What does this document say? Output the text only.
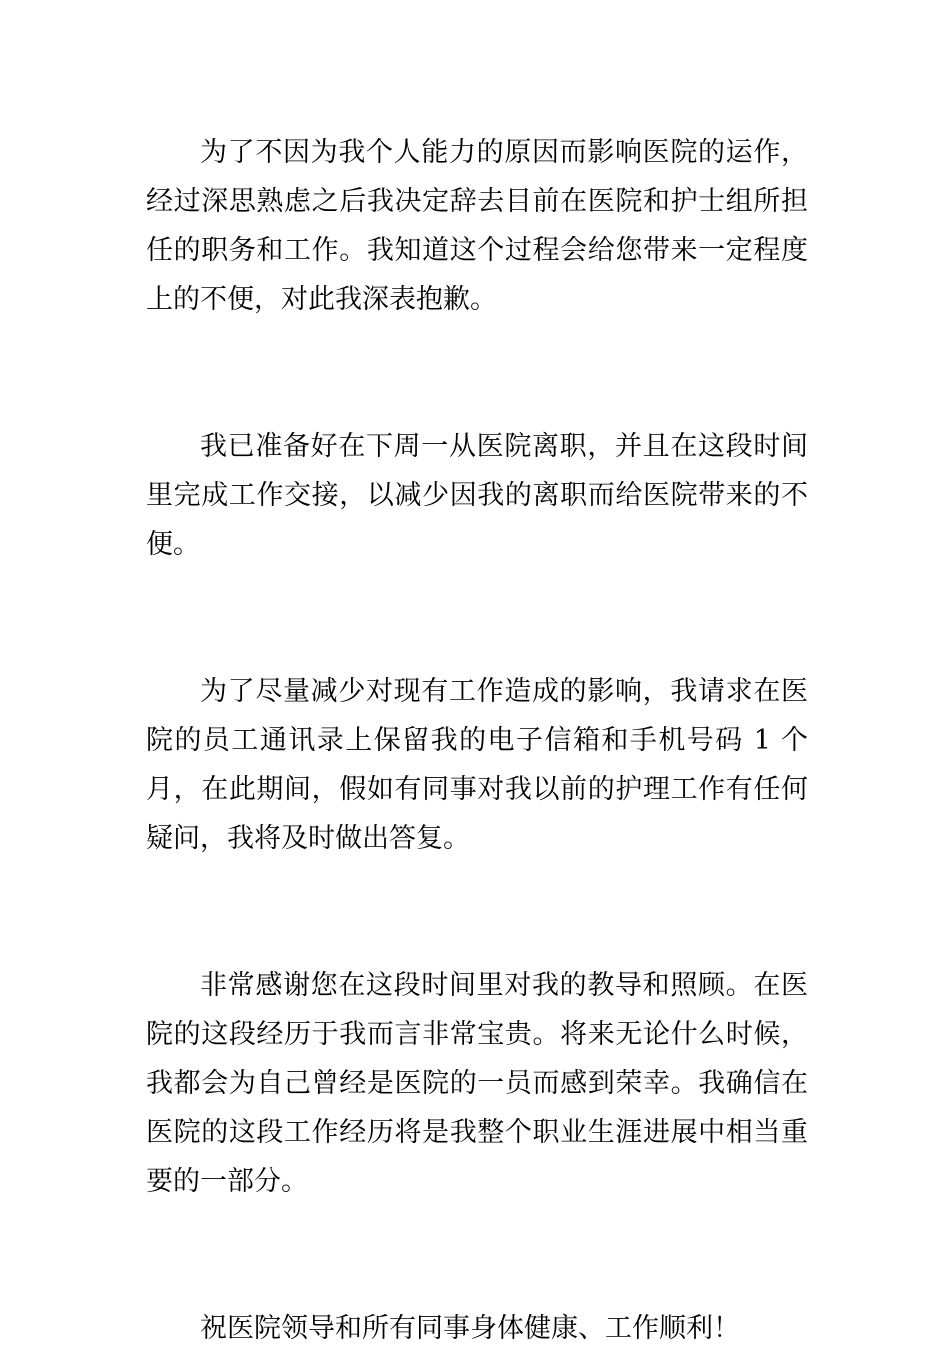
为了不因为我个人能力的原因而影响医院的运作，经过深思熟虑之后我决定辞去目前在医院和护士组所担任的职务和工作。我知道这个过程会给您带来一定程度上的不便，对此我深表抱歉。

我已准备好在下周一从医院离职，并且在这段时间里完成工作交接，以减少因我的离职而给医院带来的不便。

为了尽量减少对现有工作造成的影响，我请求在医院的员工通讯录上保留我的电子信箱和手机号码 1 个月，在此期间，假如有同事对我以前的护理工作有任何疑问，我将及时做出答复。

非常感谢您在这段时间里对我的教导和照顾。在医院的这段经历于我而言非常宝贵。将来无论什么时候，我都会为自己曾经是医院的一员而感到荣幸。我确信在医院的这段工作经历将是我整个职业生涯进展中相当重要的一部分。

祝医院领导和所有同事身体健康、工作顺利！
